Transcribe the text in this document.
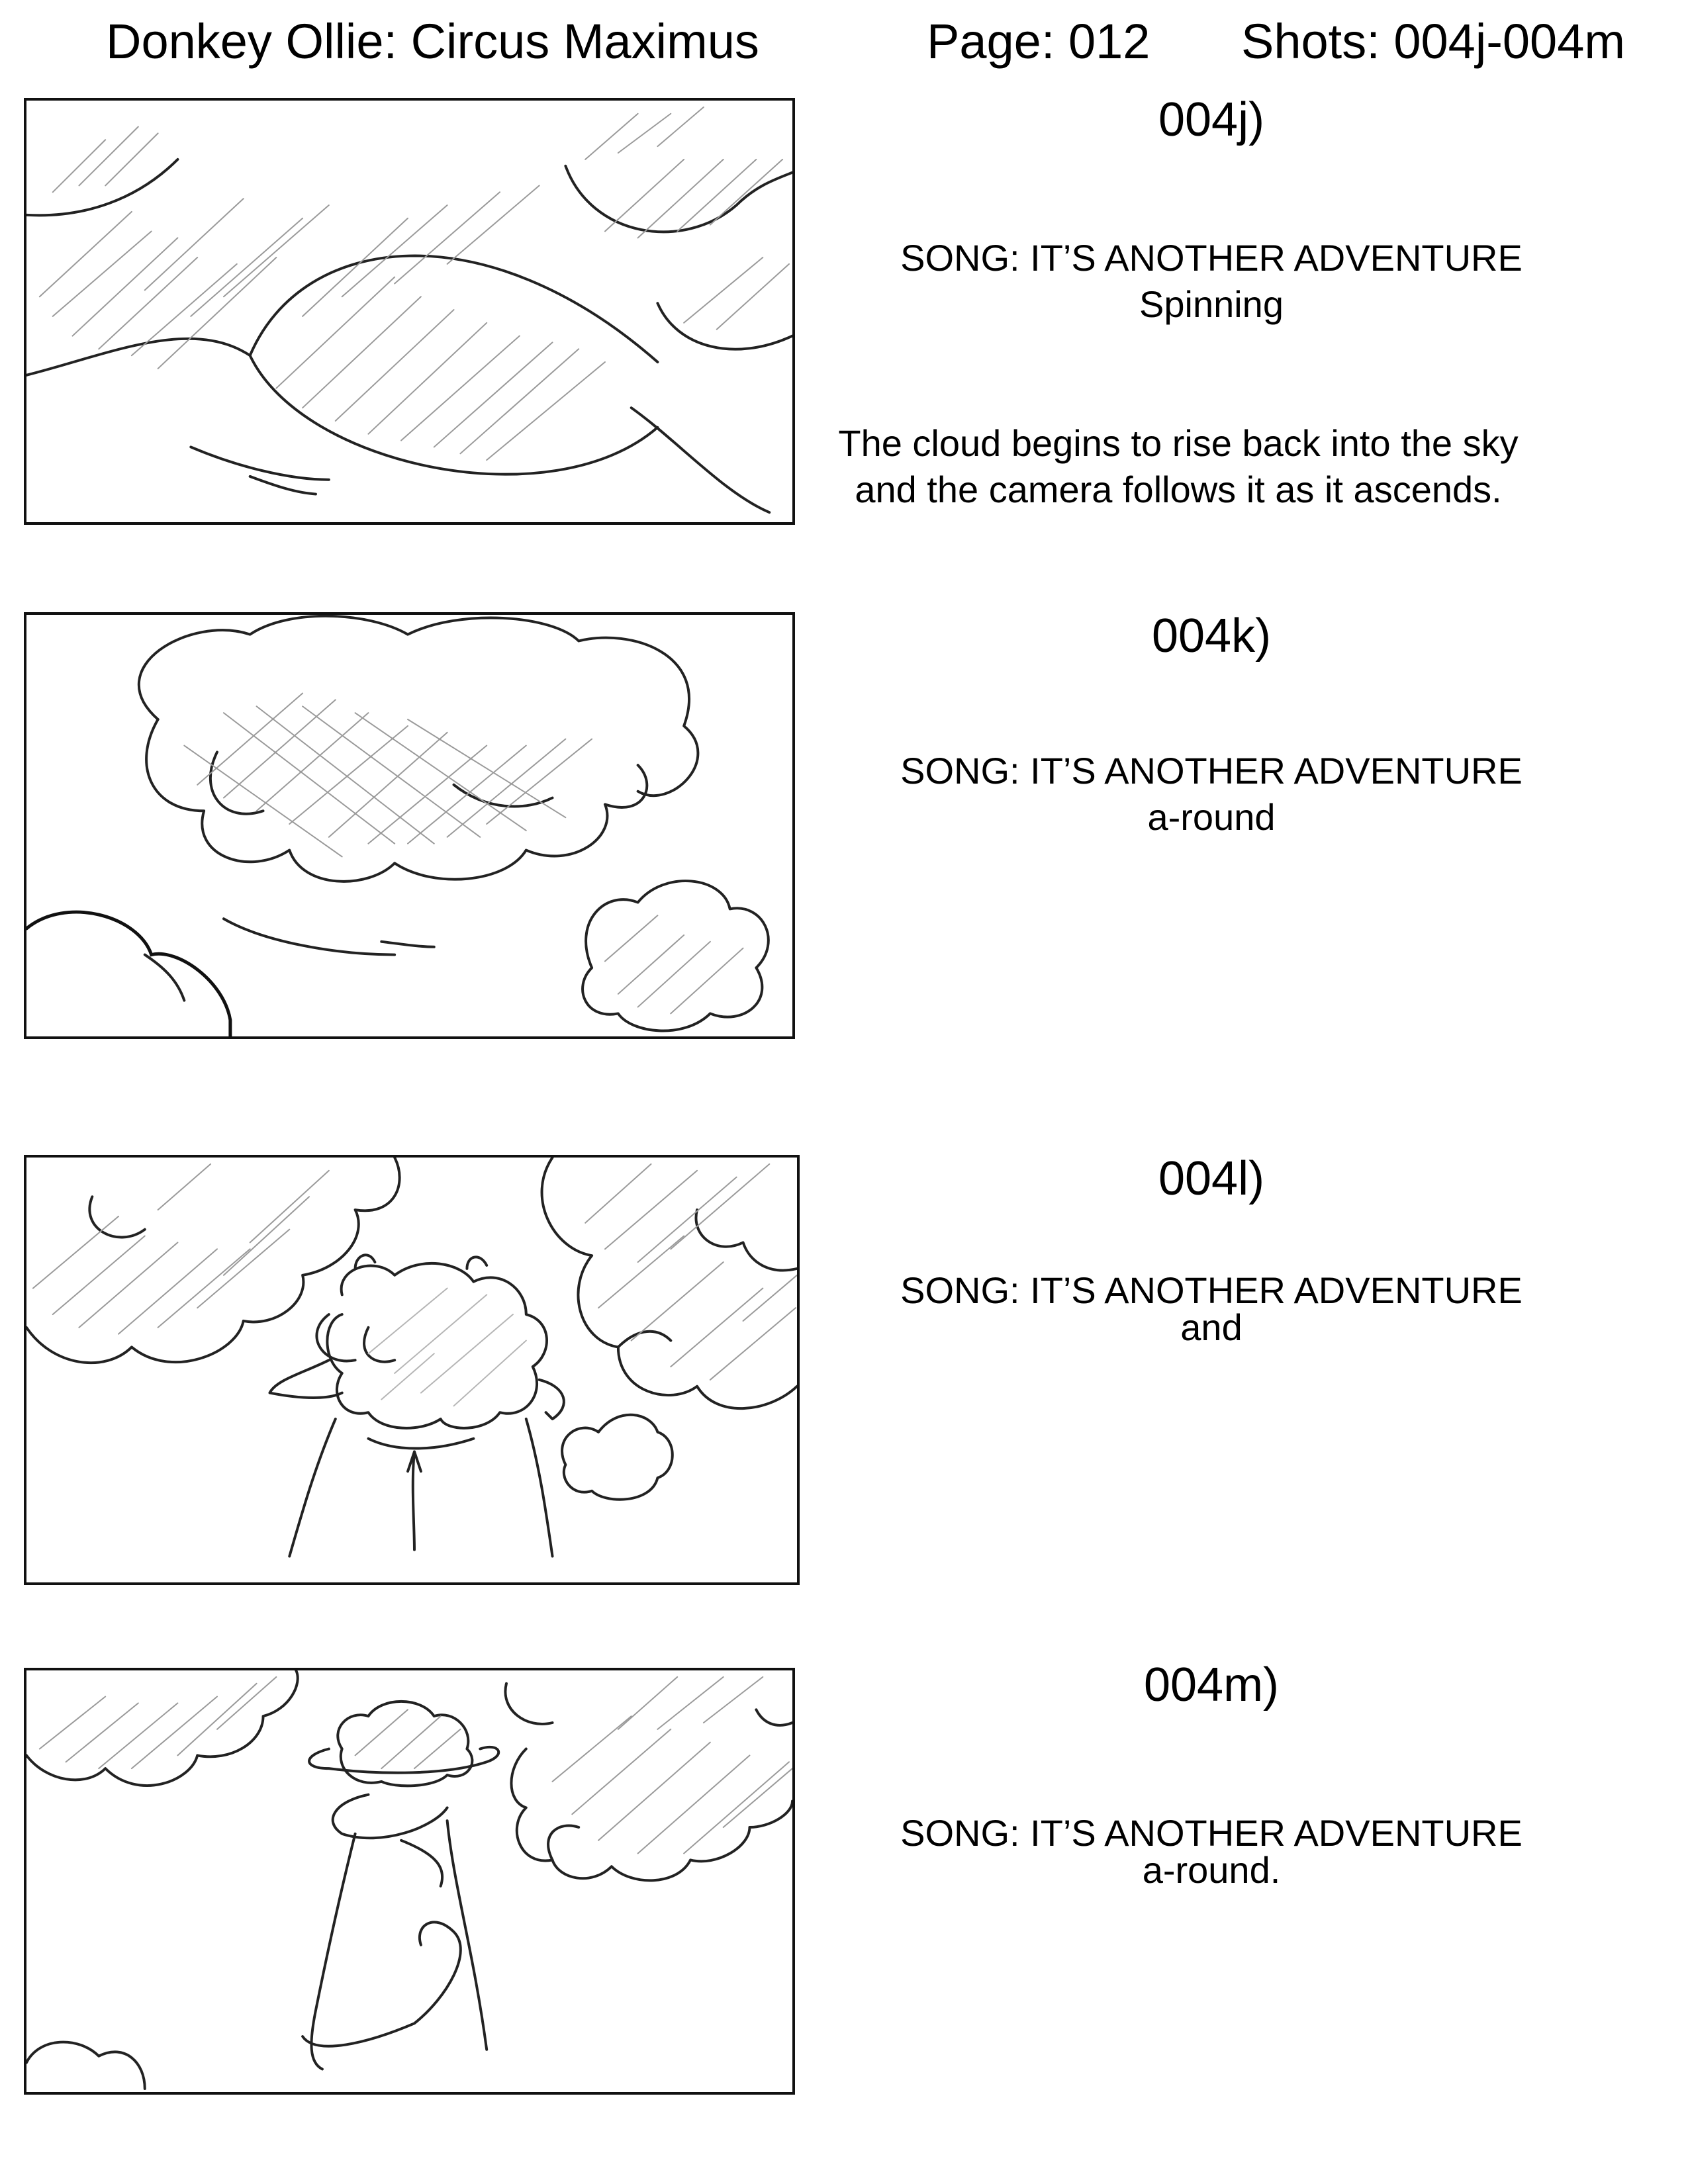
Donkey Ollie: Circus Maximus	Page: 012 Shots: 004j-004m
004j)
SONG: IT’S ANOTHER ADVENTURE
Spinning
The cloud begins to rise back into the sky
and the camera follows it as it ascends.
004k)
SONG: IT’S ANOTHER ADVENTURE
a-round
004l)
SONG: IT’S ANOTHER ADVENTURE
and
004m)
SONG: IT’S ANOTHER ADVENTURE
a-round.
